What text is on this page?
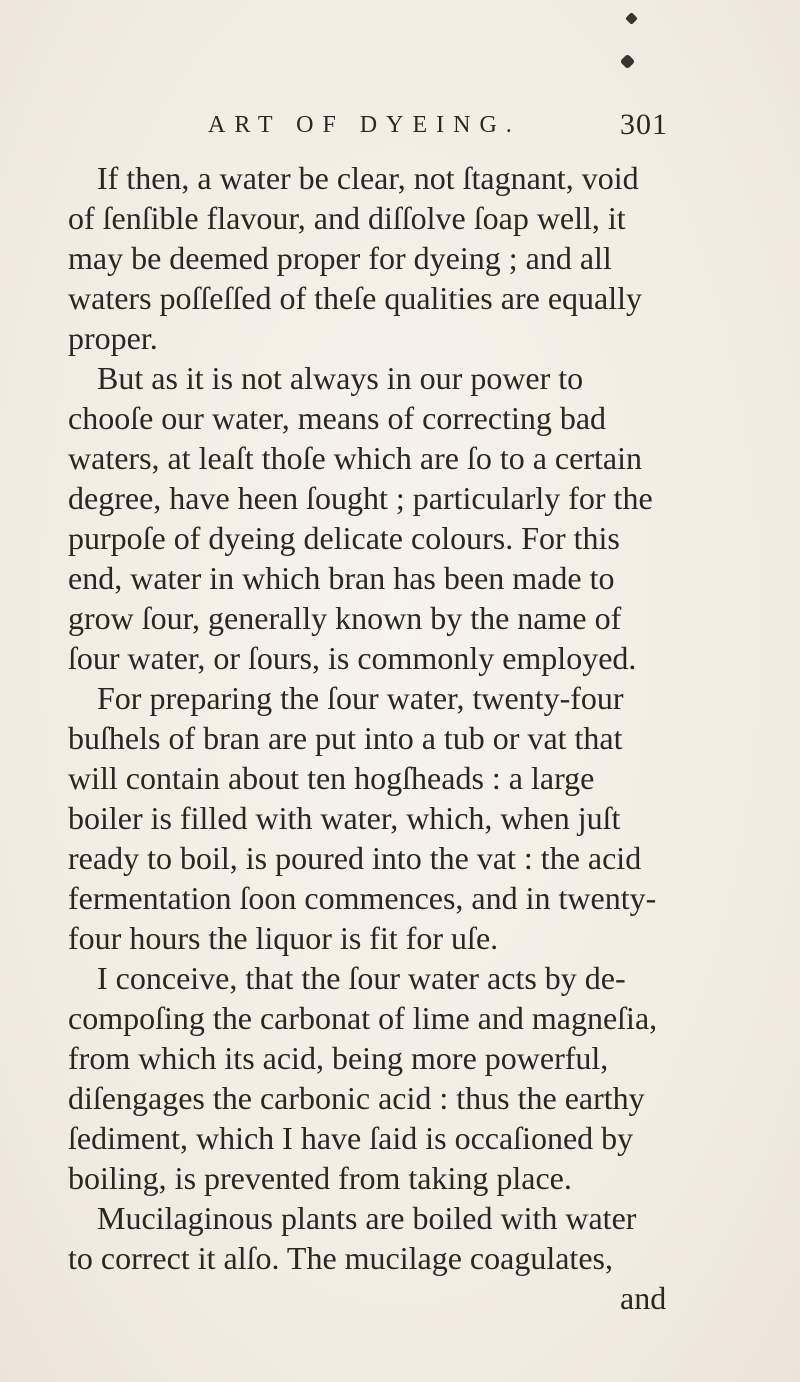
ART OF DYEING.	301
If then, a water be clear, not ſtagnant, void
of ſenſible flavour, and diſſolve ſoap well, it
may be deemed proper for dyeing ; and all
waters poſſeſſed of theſe qualities are equally
proper.
But as it is not always in our power to
chooſe our water, means of correcting bad
waters, at leaſt thoſe which are ſo to a certain
degree, have heen ſought ; particularly for the
purpoſe of dyeing delicate colours. For this
end, water in which bran has been made to
grow ſour, generally known by the name of
ſour water, or ſours, is commonly employed.
For preparing the ſour water, twenty-four
buſhels of bran are put into a tub or vat that
will contain about ten hogſheads : a large
boiler is filled with water, which, when juſt
ready to boil, is poured into the vat : the acid
fermentation ſoon commences, and in twenty-
four hours the liquor is fit for uſe.
I conceive, that the ſour water acts by de-
compoſing the carbonat of lime and magneſia,
from which its acid, being more powerful,
diſengages the carbonic acid : thus the earthy
ſediment, which I have ſaid is occaſioned by
boiling, is prevented from taking place.
Mucilaginous plants are boiled with water
to correct it alſo. The mucilage coagulates,
and
